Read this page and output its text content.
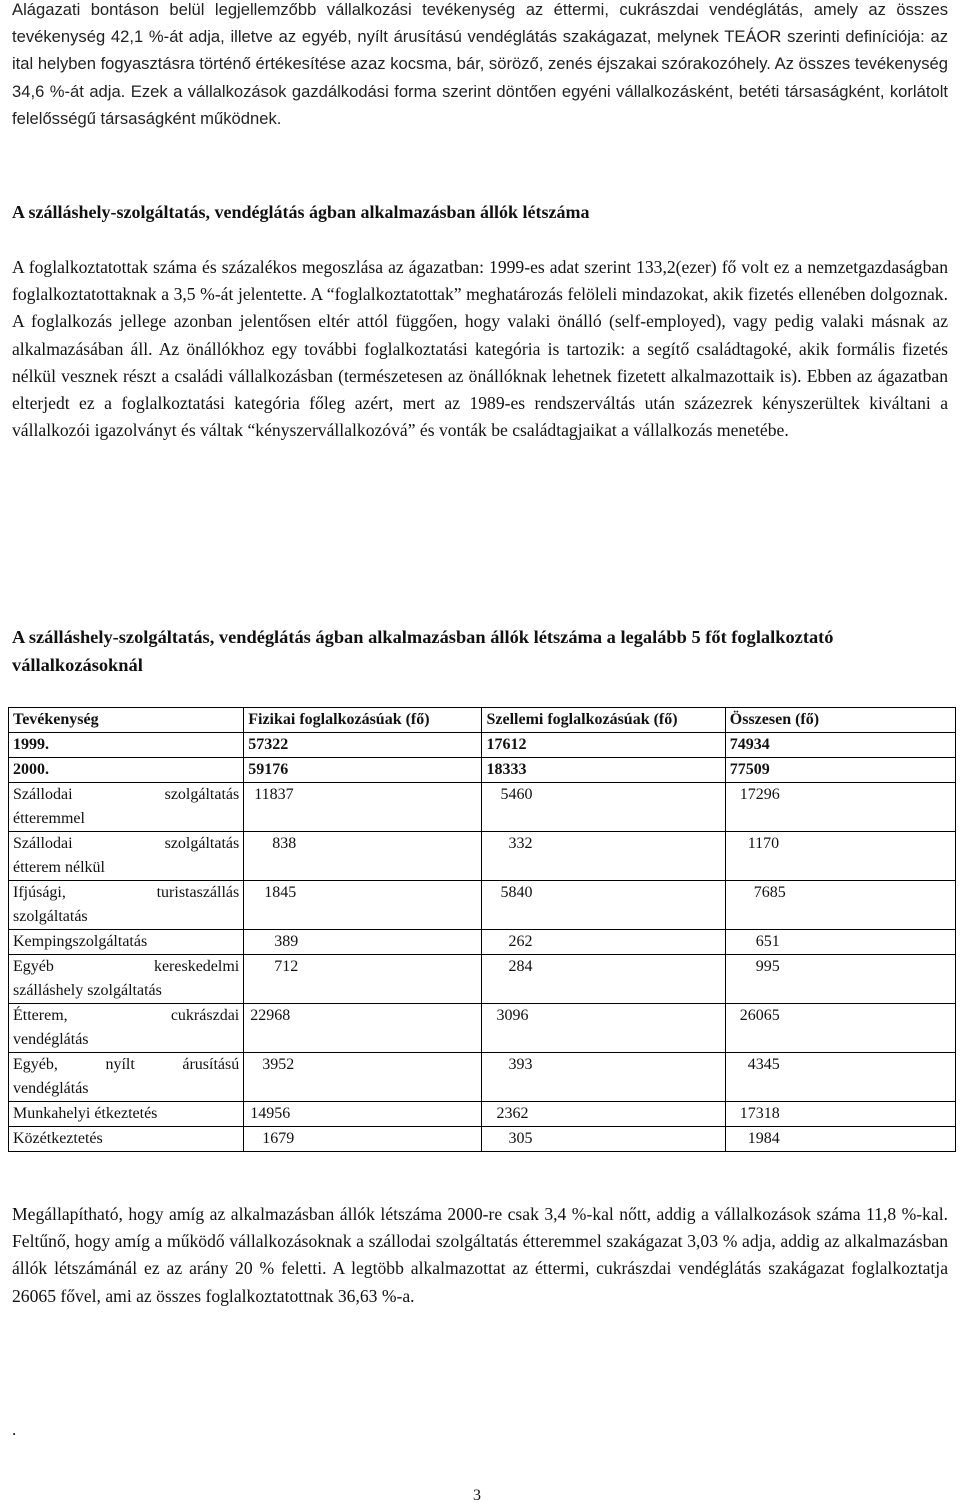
Alágazati bontáson belül legjellemzőbb vállalkozási tevékenység az éttermi, cukrászdai vendéglátás, amely az összes tevékenység 42,1 %-át adja, illetve az egyéb, nyílt árusítású vendéglátás szakágazat, melynek TEÁOR szerinti definíciója: az ital helyben fogyasztásra történő értékesítése azaz kocsma, bár, söröző, zenés éjszakai szórakozóhely. Az összes tevékenység 34,6 %-át adja. Ezek a vállalkozások gazdálkodási forma szerint döntően egyéni vállalkozásként, betéti társaságként, korlátolt felelősségű társaságként működnek.

A szálláshely-szolgáltatás, vendéglátás ágban alkalmazásban állók létszáma

A foglalkoztatottak száma és százalékos megoszlása az ágazatban: 1999-es adat szerint 133,2(ezer) fő volt ez a nemzetgazdaságban foglalkoztatottaknak a 3,5 %-át jelentette. A “foglalkoztatottak” meghatározás felöleli mindazokat, akik fizetés ellenében dolgoznak. A foglalkozás jellege azonban jelentősen eltér attól függően, hogy valaki önálló (self-employed), vagy pedig valaki másnak az alkalmazásában áll. Az önállókhoz egy további foglalkoztatási kategória is tartozik: a segítő családtagoké, akik formális fizetés nélkül vesznek részt a családi vállalkozásban (természetesen az önállóknak lehetnek fizetett alkalmazottaik is). Ebben az ágazatban elterjedt ez a foglalkoztatási kategória főleg azért, mert az 1989-es rendszerváltás után százezrek kényszerültek kiváltani a vállalkozói igazolványt és váltak “kényszervállalkozóvá” és vonták be családtagjaikat a vállalkozás menetébe.

A szálláshely-szolgáltatás, vendéglátás ágban alkalmazásban állók létszáma a legalább 5 főt foglalkoztató vállalkozásoknál
Tevékenység	Fizikai foglalkozásúak (fő)	Szellemi foglalkozásúak (fő)	Összesen (fő)

1999.	57322	17612	74934

2000.	59176	18333	77509
Szállodai szolgáltatás
étteremmel	11837	5460	17296
Szállodai szolgáltatás
étterem nélkül	838	332	1170
Ifjúsági, turistaszállás
szolgáltatás	1845	5840	7685

Kempingszolgáltatás	389	262	651
Egyéb kereskedelmi
szálláshely szolgáltatás	712	284	995
Étterem, cukrászdai
vendéglátás	22968	3096	26065
Egyéb, nyílt árusítású
vendéglátás	3952	393	4345

Munkahelyi étkeztetés	14956	2362	17318

Közétkeztetés	1679	305	1984

Megállapítható, hogy amíg az alkalmazásban állók létszáma 2000-re csak 3,4 %-kal nőtt, addig a vállalkozások száma 11,8 %-kal. Feltűnő, hogy amíg a működő vállalkozásoknak a szállodai szolgáltatás étteremmel szakágazat 3,03 % adja, addig az alkalmazásban állók létszámánál ez az arány 20 % feletti. A legtöbb alkalmazottat az éttermi, cukrászdai vendéglátás szakágazat foglalkoztatja 26065 fővel, ami az összes foglalkoztatottnak 36,63 %-a.

.
3
